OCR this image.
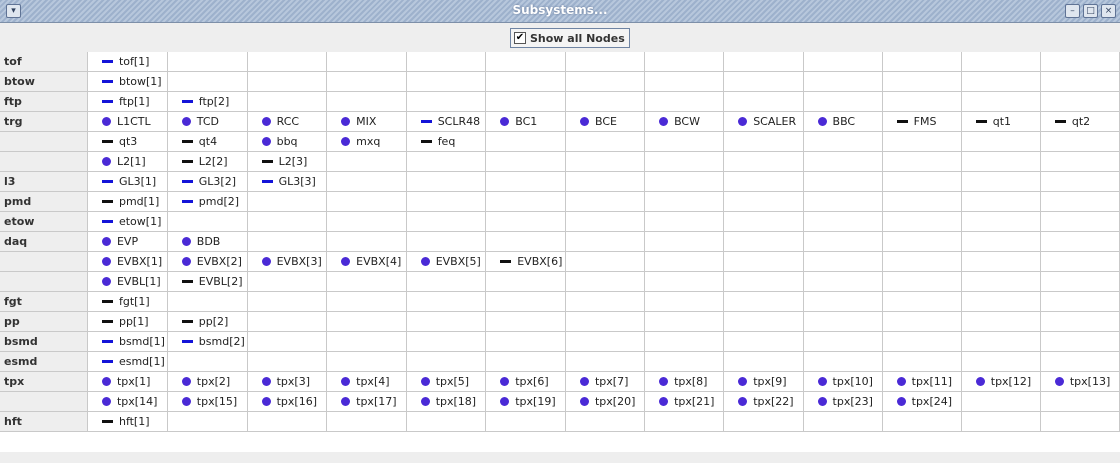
▾	Subsystems...	–	□	×
✔ Show all Nodes
tof	tof[1]												

btow	btow[1]												

ftp	ftp[1]	ftp[2]											

trg	L1CTL	TCD	RCC	MIX	SCLR48	BC1	BCE	BCW	SCALER	BBC	FMS	qt1	qt2

	qt3	qt4	bbq	mxq	feq								

	L2[1]	L2[2]	L2[3]										

l3	GL3[1]	GL3[2]	GL3[3]										

pmd	pmd[1]	pmd[2]											

etow	etow[1]												

daq	EVP	BDB											

	EVBX[1]	EVBX[2]	EVBX[3]	EVBX[4]	EVBX[5]	EVBX[6]							

	EVBL[1]	EVBL[2]											

fgt	fgt[1]												

pp	pp[1]	pp[2]											

bsmd	bsmd[1]	bsmd[2]											

esmd	esmd[1]												

tpx	tpx[1]	tpx[2]	tpx[3]	tpx[4]	tpx[5]	tpx[6]	tpx[7]	tpx[8]	tpx[9]	tpx[10]	tpx[11]	tpx[12]	tpx[13]

	tpx[14]	tpx[15]	tpx[16]	tpx[17]	tpx[18]	tpx[19]	tpx[20]	tpx[21]	tpx[22]	tpx[23]	tpx[24]		

hft	hft[1]												
